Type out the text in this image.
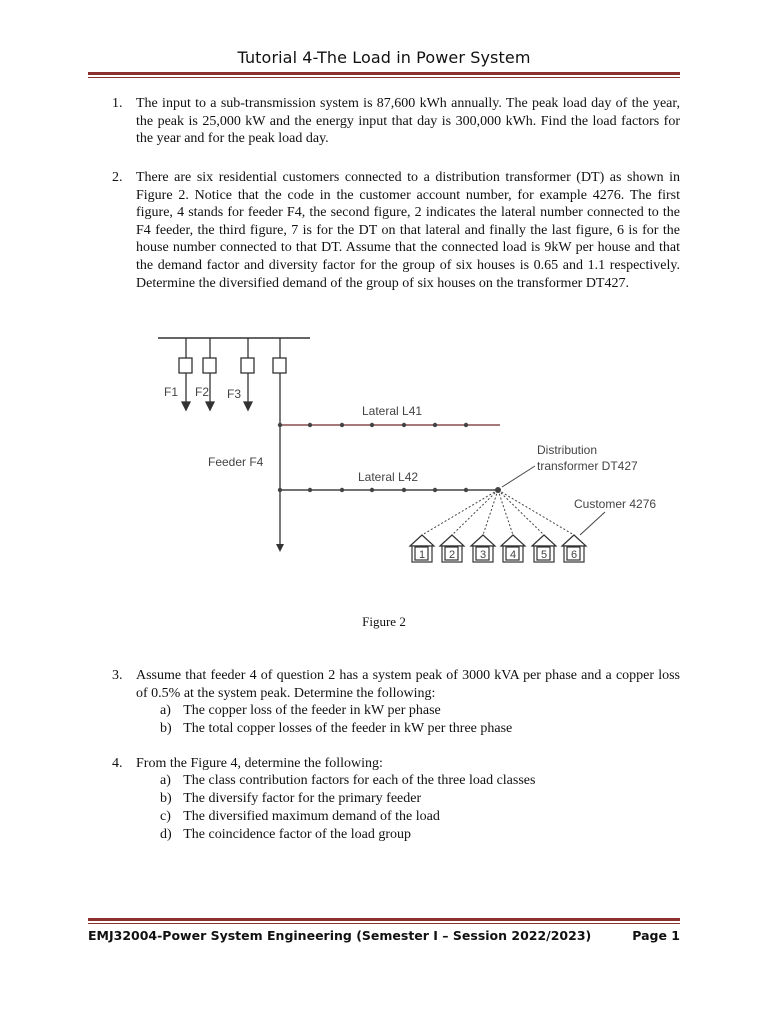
Tutorial 4-The Load in Power System
1. The input to a sub-transmission system is 87,600 kWh annually. The peak load day of the year, the peak is 25,000 kW and the energy input that day is 300,000 kWh. Find the load factors for the year and for the peak load day.
2. There are six residential customers connected to a distribution transformer (DT) as shown in Figure 2. Notice that the code in the customer account number, for example 4276. The first figure, 4 stands for feeder F4, the second figure, 2 indicates the lateral number connected to the F4 feeder, the third figure, 7 is for the DT on that lateral and finally the last figure, 6 is for the house number connected to that DT. Assume that the connected load is 9kW per house and that the demand factor and diversity factor for the group of six houses is 0.65 and 1.1 respectively. Determine the diversified demand of the group of six houses on the transformer DT427.
F1 F2 F3
Feeder F4
Lateral L41
Lateral L42
Distribution
transformer DT427
Customer 4276
1 2 3 4 5 6
Figure 2
3. Assume that feeder 4 of question 2 has a system peak of 3000 kVA per phase and a copper loss of 0.5% at the system peak. Determine the following:
a) The copper loss of the feeder in kW per phase
b) The total copper losses of the feeder in kW per three phase
4. From the Figure 4, determine the following:
a) The class contribution factors for each of the three load classes
b) The diversify factor for the primary feeder
c) The diversified maximum demand of the load
d) The coincidence factor of the load group
EMJ32004-Power System Engineering (Semester I – Session 2022/2023)	Page 1
